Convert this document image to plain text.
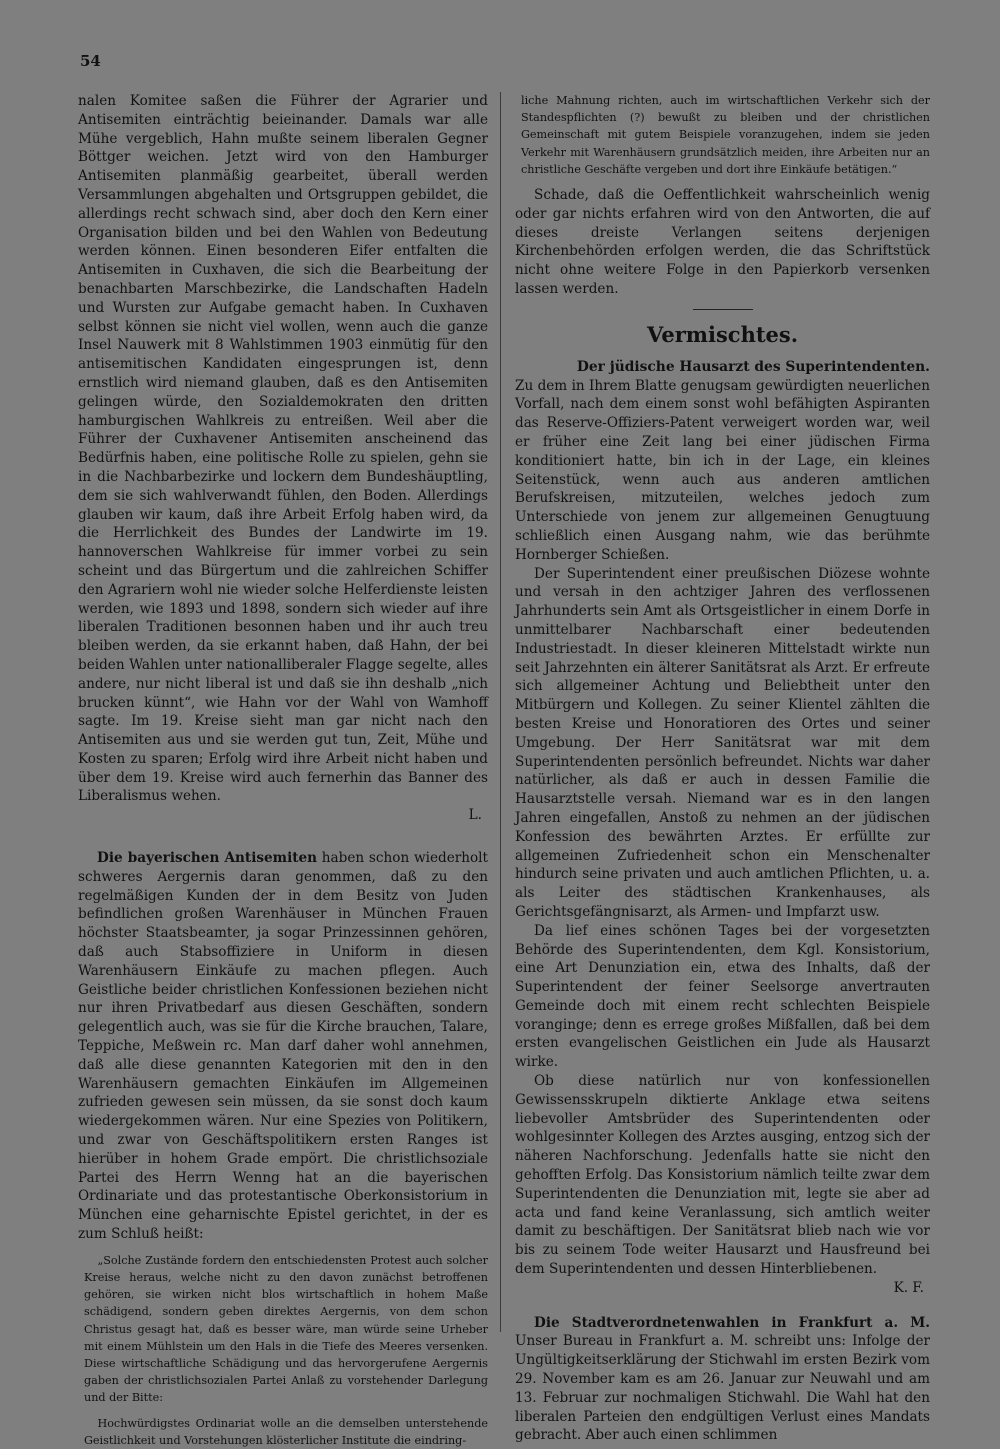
54

nalen Komitee saßen die Führer der Agrarier und Antisemiten einträchtig beieinander. Damals war alle Mühe vergeblich, Hahn mußte seinem liberalen Gegner Böttger weichen. Jetzt wird von den Hamburger Antisemiten planmäßig gearbeitet, überall werden Versammlungen abgehalten und Ortsgruppen gebildet, die allerdings recht schwach sind, aber doch den Kern einer Organisation bilden und bei den Wahlen von Bedeutung werden können. Einen besonderen Eifer entfalten die Antisemiten in Cuxhaven, die sich die Bearbeitung der benachbarten Marschbezirke, die Landschaften Hadeln und Wursten zur Aufgabe gemacht haben. In Cuxhaven selbst können sie nicht viel wollen, wenn auch die ganze Insel Nauwerk mit 8 Wahlstimmen 1903 einmütig für den antisemitischen Kandidaten eingesprungen ist, denn ernstlich wird niemand glauben, daß es den Antisemiten gelingen würde, den Sozialdemokraten den dritten hamburgischen Wahlkreis zu entreißen. Weil aber die Führer der Cuxhavener Antisemiten anscheinend das Bedürfnis haben, eine politische Rolle zu spielen, gehn sie in die Nachbarbezirke und lockern dem Bundeshäuptling, dem sie sich wahlverwandt fühlen, den Boden. Allerdings glauben wir kaum, daß ihre Arbeit Erfolg haben wird, da die Herrlichkeit des Bundes der Landwirte im 19. hannoverschen Wahlkreise für immer vorbei zu sein scheint und das Bürgertum und die zahlreichen Schiffer den Agrariern wohl nie wieder solche Helferdienste leisten werden, wie 1893 und 1898, sondern sich wieder auf ihre liberalen Traditionen besonnen haben und ihr auch treu bleiben werden, da sie erkannt haben, daß Hahn, der bei beiden Wahlen unter nationalliberaler Flagge segelte, alles andere, nur nicht liberal ist und daß sie ihn deshalb „nich brucken künnt“, wie Hahn vor der Wahl von Wamhoff sagte. Im 19. Kreise sieht man gar nicht nach den Antisemiten aus und sie werden gut tun, Zeit, Mühe und Kosten zu sparen; Erfolg wird ihre Arbeit nicht haben und über dem 19. Kreise wird auch fernerhin das Banner des Liberalismus wehen.

L.

Die bayerischen Antisemiten haben schon wiederholt schweres Aergernis daran genommen, daß zu den regelmäßigen Kunden der in dem Besitz von Juden befindlichen großen Warenhäuser in München Frauen höchster Staatsbeamter, ja sogar Prinzessinnen gehören, daß auch Stabsoffiziere in Uniform in diesen Warenhäusern Einkäufe zu machen pflegen. Auch Geistliche beider christlichen Konfessionen beziehen nicht nur ihren Privatbedarf aus diesen Geschäften, sondern gelegentlich auch, was sie für die Kirche brauchen, Talare, Teppiche, Meßwein rc. Man darf daher wohl annehmen, daß alle diese genannten Kategorien mit den in den Warenhäusern gemachten Einkäufen im Allgemeinen zufrieden gewesen sein müssen, da sie sonst doch kaum wiedergekommen wären. Nur eine Spezies von Politikern, und zwar von Geschäftspolitikern ersten Ranges ist hierüber in hohem Grade empört. Die christlichsoziale Partei des Herrn Wenng hat an die bayerischen Ordinariate und das protestantische Oberkonsistorium in München eine geharnischte Epistel gerichtet, in der es zum Schluß heißt:

„Solche Zustände fordern den entschiedensten Protest auch solcher Kreise heraus, welche nicht zu den davon zunächst betroffenen gehören, sie wirken nicht blos wirtschaftlich in hohem Maße schädigend, sondern geben direktes Aergernis, von dem schon Christus gesagt hat, daß es besser wäre, man würde seine Urheber mit einem Mühlstein um den Hals in die Tiefe des Meeres versenken. Diese wirtschaftliche Schädigung und das hervorgerufene Aergernis gaben der christlichsozialen Partei Anlaß zu vorstehender Darlegung und der Bitte:

Hochwürdigstes Ordinariat wolle an die demselben unterstehende Geistlichkeit und Vorstehungen klösterlicher Institute die eindring-

liche Mahnung richten, auch im wirtschaftlichen Verkehr sich der Standespflichten (?) bewußt zu bleiben und der christlichen Gemeinschaft mit gutem Beispiele voranzugehen, indem sie jeden Verkehr mit Warenhäusern grundsätzlich meiden, ihre Arbeiten nur an christliche Geschäfte vergeben und dort ihre Einkäufe betätigen.“

Schade, daß die Oeffentlichkeit wahrscheinlich wenig oder gar nichts erfahren wird von den Antworten, die auf dieses dreiste Verlangen seitens derjenigen Kirchenbehörden erfolgen werden, die das Schriftstück nicht ohne weitere Folge in den Papierkorb versenken lassen werden.

Vermischtes.

Der jüdische Hausarzt des Superintendenten.

Zu dem in Ihrem Blatte genugsam gewürdigten neuerlichen Vorfall, nach dem einem sonst wohl befähigten Aspiranten das Reserve-Offiziers-Patent verweigert worden war, weil er früher eine Zeit lang bei einer jüdischen Firma konditioniert hatte, bin ich in der Lage, ein kleines Seitenstück, wenn auch aus anderen amtlichen Berufskreisen, mitzuteilen, welches jedoch zum Unterschiede von jenem zur allgemeinen Genugtuung schließlich einen Ausgang nahm, wie das berühmte Hornberger Schießen.

Der Superintendent einer preußischen Diözese wohnte und versah in den achtziger Jahren des verflossenen Jahrhunderts sein Amt als Ortsgeistlicher in einem Dorfe in unmittelbarer Nachbarschaft einer bedeutenden Industriestadt. In dieser kleineren Mittelstadt wirkte nun seit Jahrzehnten ein älterer Sanitätsrat als Arzt. Er erfreute sich allgemeiner Achtung und Beliebtheit unter den Mitbürgern und Kollegen. Zu seiner Klientel zählten die besten Kreise und Honoratioren des Ortes und seiner Umgebung. Der Herr Sanitätsrat war mit dem Superintendenten persönlich befreundet. Nichts war daher natürlicher, als daß er auch in dessen Familie die Hausarztstelle versah. Niemand war es in den langen Jahren eingefallen, Anstoß zu nehmen an der jüdischen Konfession des bewährten Arztes. Er erfüllte zur allgemeinen Zufriedenheit schon ein Menschenalter hindurch seine privaten und auch amtlichen Pflichten, u. a. als Leiter des städtischen Krankenhauses, als Gerichtsgefängnisarzt, als Armen- und Impfarzt usw.

Da lief eines schönen Tages bei der vorgesetzten Behörde des Superintendenten, dem Kgl. Konsistorium, eine Art Denunziation ein, etwa des Inhalts, daß der Superintendent der feiner Seelsorge anvertrauten Gemeinde doch mit einem recht schlechten Beispiele voranginge; denn es errege großes Mißfallen, daß bei dem ersten evangelischen Geistlichen ein Jude als Hausarzt wirke.

Ob diese natürlich nur von konfessionellen Gewissensskrupeln diktierte Anklage etwa seitens liebevoller Amtsbrüder des Superintendenten oder wohlgesinnter Kollegen des Arztes ausging, entzog sich der näheren Nachforschung. Jedenfalls hatte sie nicht den gehofften Erfolg. Das Konsistorium nämlich teilte zwar dem Superintendenten die Denunziation mit, legte sie aber ad acta und fand keine Veranlassung, sich amtlich weiter damit zu beschäftigen. Der Sanitätsrat blieb nach wie vor bis zu seinem Tode weiter Hausarzt und Hausfreund bei dem Superintendenten und dessen Hinterbliebenen.

K. F.

Die Stadtverordnetenwahlen in Frankfurt a. M. Unser Bureau in Frankfurt a. M. schreibt uns: Infolge der Ungültigkeitserklärung der Stichwahl im ersten Bezirk vom 29. November kam es am 26. Januar zur Neuwahl und am 13. Februar zur nochmaligen Stichwahl. Die Wahl hat den liberalen Parteien den endgültigen Verlust eines Mandats gebracht. Aber auch einen schlimmen
